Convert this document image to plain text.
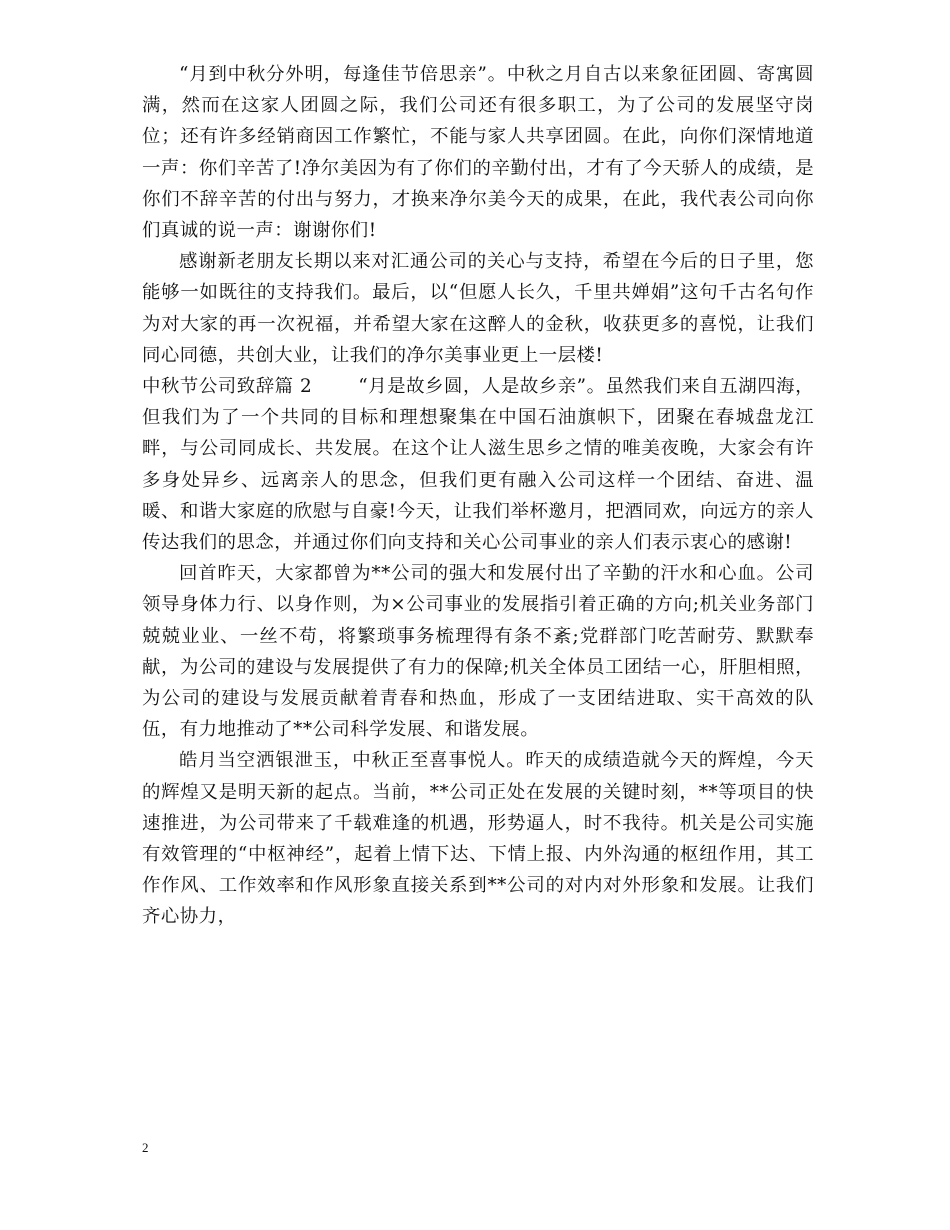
“月到中秋分外明，每逢佳节倍思亲”。中秋之月自古以来象征团圆、寄寓圆满，然而在这家人团圆之际，我们公司还有很多职工，为了公司的发展坚守岗位；还有许多经销商因工作繁忙，不能与家人共享团圆。在此，向你们深情地道一声：你们辛苦了!净尔美因为有了你们的辛勤付出，才有了今天骄人的成绩，是你们不辞辛苦的付出与努力，才换来净尔美今天的成果，在此，我代表公司向你们真诚的说一声：谢谢你们!

感谢新老朋友长期以来对汇通公司的关心与支持，希望在今后的日子里，您能够一如既往的支持我们。最后，以“但愿人长久，千里共婵娟”这句千古名句作为对大家的再一次祝福，并希望大家在这醉人的金秋，收获更多的喜悦，让我们同心同德，共创大业，让我们的净尔美事业更上一层楼!

中秋节公司致辞篇 2	“月是故乡圆，人是故乡亲”。虽然我们来自五湖四海，但我们为了一个共同的目标和理想聚集在中国石油旗帜下，团聚在春城盘龙江畔，与公司同成长、共发展。在这个让人滋生思乡之情的唯美夜晚，大家会有许多身处异乡、远离亲人的思念，但我们更有融入公司这样一个团结、奋进、温暖、和谐大家庭的欣慰与自豪!今天，让我们举杯邀月，把酒同欢，向远方的亲人传达我们的思念，并通过你们向支持和关心公司事业的亲人们表示衷心的感谢!

回首昨天，大家都曾为**公司的强大和发展付出了辛勤的汗水和心血。公司领导身体力行、以身作则，为×公司事业的发展指引着正确的方向;机关业务部门兢兢业业、一丝不苟，将繁琐事务梳理得有条不紊;党群部门吃苦耐劳、默默奉献，为公司的建设与发展提供了有力的保障;机关全体员工团结一心，肝胆相照，为公司的建设与发展贡献着青春和热血，形成了一支团结进取、实干高效的队伍，有力地推动了**公司科学发展、和谐发展。

皓月当空洒银泄玉，中秋正至喜事悦人。昨天的成绩造就今天的辉煌，今天的辉煌又是明天新的起点。当前，**公司正处在发展的关键时刻，**等项目的快速推进，为公司带来了千载难逢的机遇，形势逼人，时不我待。机关是公司实施有效管理的“中枢神经”，起着上情下达、下情上报、内外沟通的枢纽作用，其工作作风、工作效率和作风形象直接关系到**公司的对内对外形象和发展。让我们齐心协力，

2
